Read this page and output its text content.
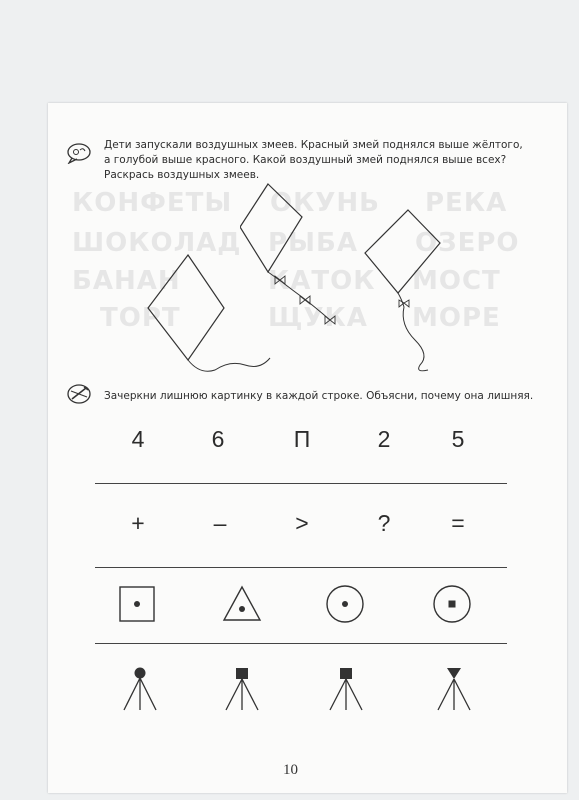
КОНФЕТЫ
ШОКОЛАД
БАНАН
ТОРТ
ОКУНЬ
РЫБА
КАТОК
ЩУКА
РЕКА
ОЗЕРО
МОСТ
МОРЕ
Дети запускали воздушных змеев. Красный змей поднялся выше жёлтого,
а голубой выше красного. Какой воздушный змей поднялся выше всех?
Раскрась воздушных змеев.
Зачеркни лишнюю картинку в каждой строке. Объясни, почему она лишняя.
4	6	П	2	5
+	–	>	?	=
10
